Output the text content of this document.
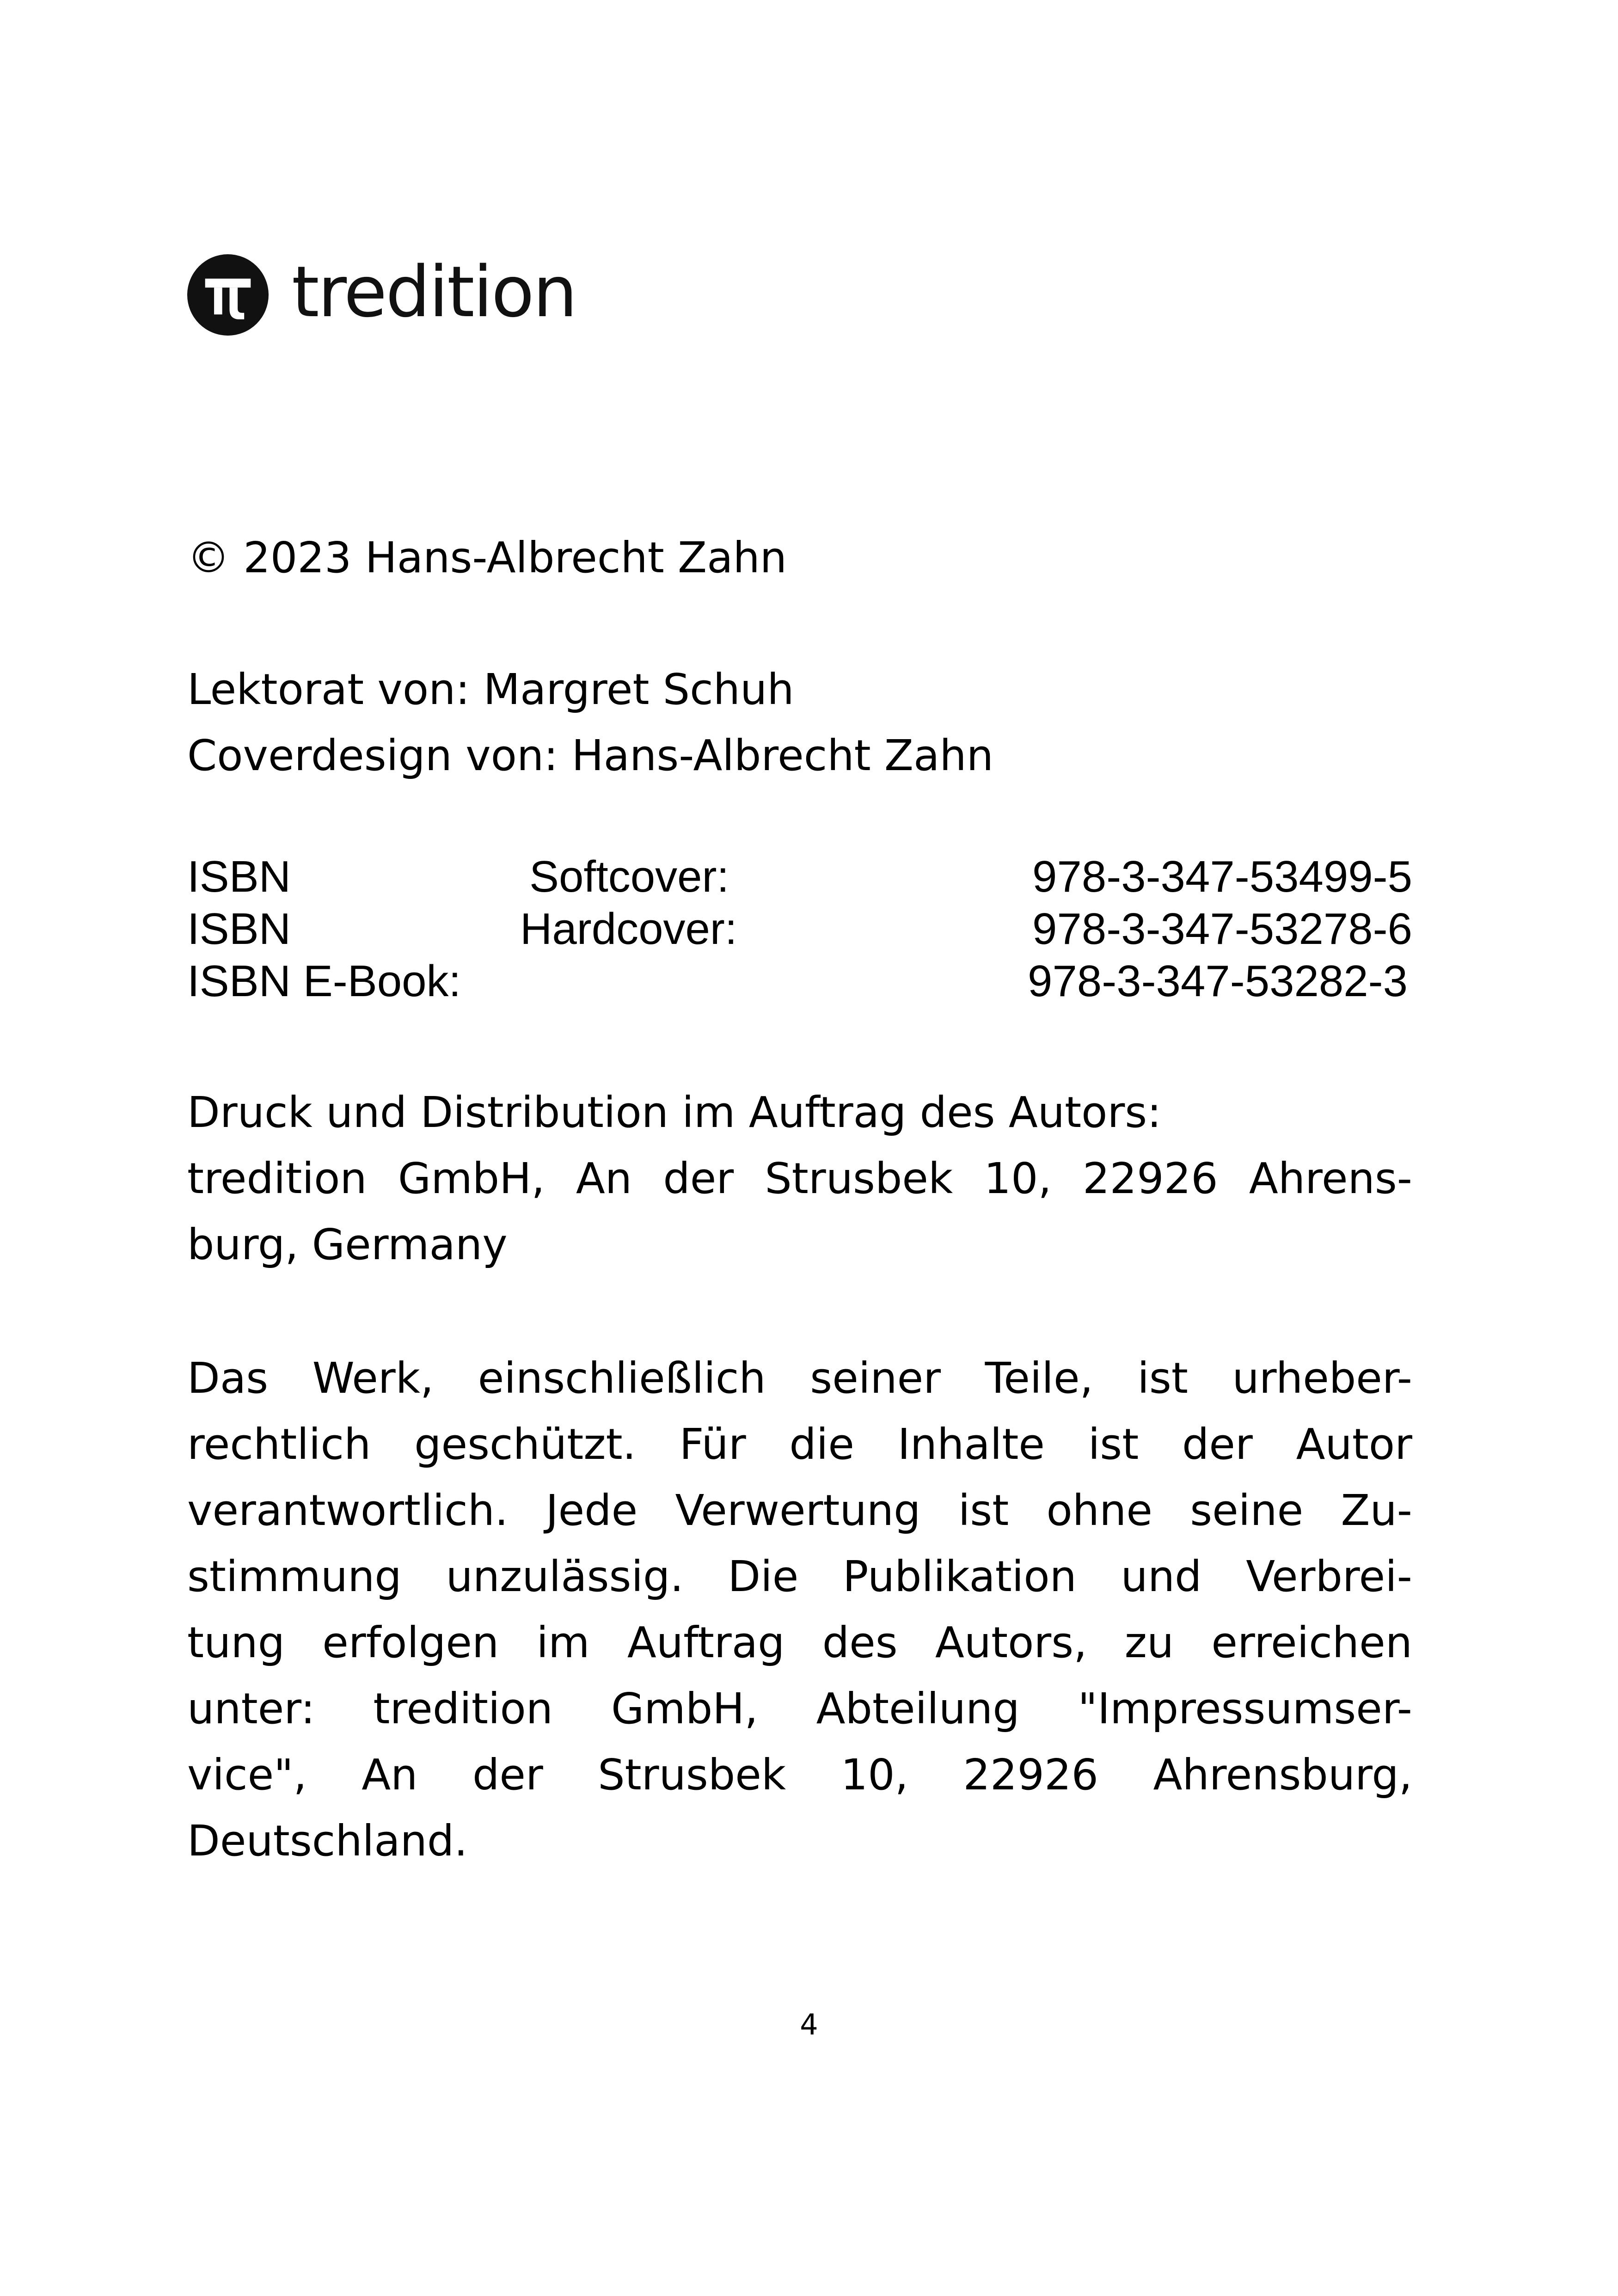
tredition
© 2023 Hans-Albrecht Zahn
Lektorat von: Margret Schuh
Coverdesign von: Hans-Albrecht Zahn
ISBN	Softcover:	978-3-347-53499-5
ISBN	Hardcover:	978-3-347-53278-6
ISBN E-Book:	978-3-347-53282-3
Druck und Distribution im Auftrag des Autors:
tredition GmbH, An der Strusbek 10, 22926 Ahrens-
burg, Germany
Das Werk, einschließlich seiner Teile, ist urheber-
rechtlich geschützt. Für die Inhalte ist der Autor
verantwortlich. Jede Verwertung ist ohne seine Zu-
stimmung unzulässig. Die Publikation und Verbrei-
tung erfolgen im Auftrag des Autors, zu erreichen
unter: tredition GmbH, Abteilung "Impressumser-
vice", An der Strusbek 10, 22926 Ahrensburg,
Deutschland.
4
